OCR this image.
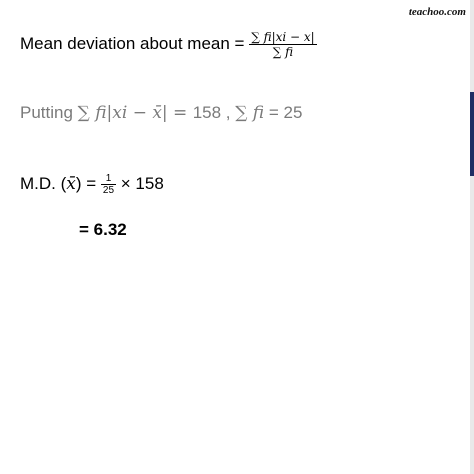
teachoo.com
Mean deviation about mean = $\frac{\sum fi|xi - x|}{\sum fi}$
Putting ∑ fi|xi − x̄| = 158 , ∑ fi = 25
M.D. (x̄) = $\frac{1}{25} \times 158$
= 6.32
